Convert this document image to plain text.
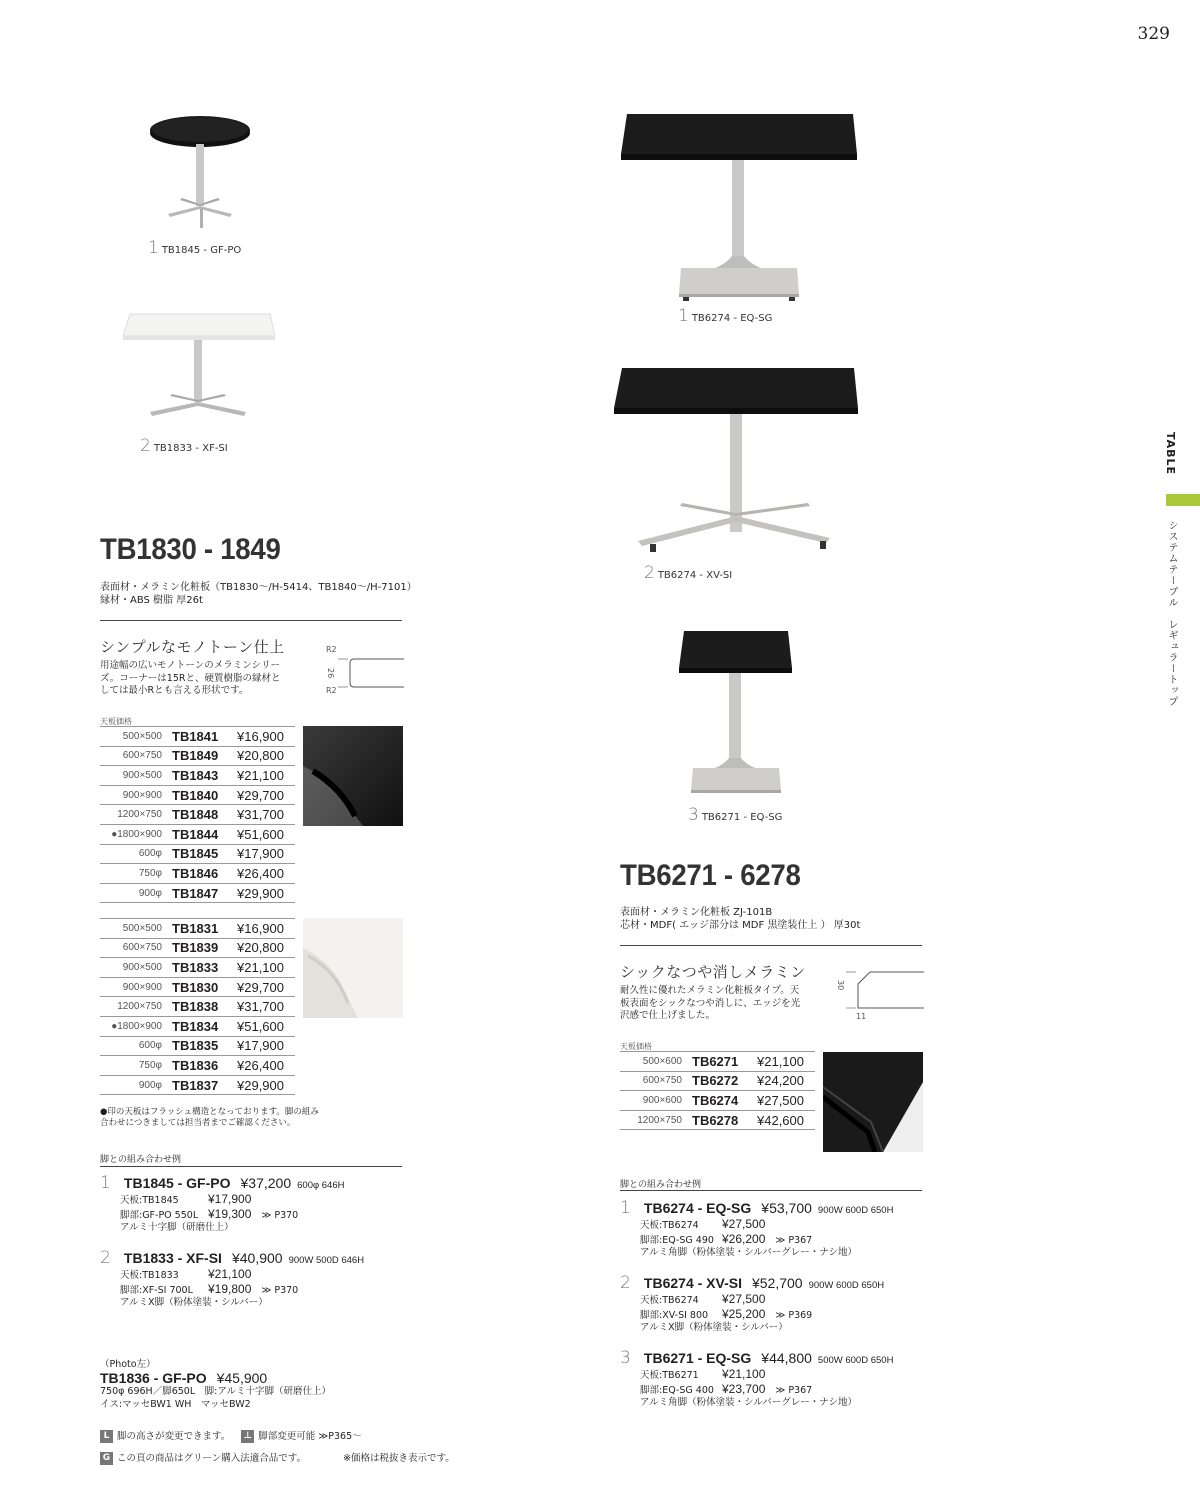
329
TABLE
システムテーブル　レギュラートップ
1 TB1845 - GF-PO
2 TB1833 - XF-SI
TB1830 - 1849
表面材・メラミン化粧板（TB1830〜/H-5414、TB1840〜/H-7101）
縁材・ABS 樹脂 厚26t
シンプルなモノトーン仕上
用途幅の広いモノトーンのメラミンシリー
ズ。コーナーは15Rと、硬質樹脂の縁材と
しては最小Rとも言える形状です。
R2
26
R2
天板価格
500×500	TB1841	¥16,900
600×750	TB1849	¥20,800
900×500	TB1843	¥21,100
900×900	TB1840	¥29,700
1200×750	TB1848	¥31,700
●1800×900	TB1844	¥51,600
600φ	TB1845	¥17,900
750φ	TB1846	¥26,400
900φ	TB1847	¥29,900
500×500	TB1831	¥16,900
600×750	TB1839	¥20,800
900×500	TB1833	¥21,100
900×900	TB1830	¥29,700
1200×750	TB1838	¥31,700
●1800×900	TB1834	¥51,600
600φ	TB1835	¥17,900
750φ	TB1836	¥26,400
900φ	TB1837	¥29,900
●印の天板はフラッシュ構造となっております。脚の組み
合わせにつきましては担当者までご確認ください。
脚との組み合わせ例
1 TB1845 - GF-PO ¥37,200 600φ 646H
天板:TB1845 ¥17,900
脚部:GF-PO 550L ¥19,300 ≫ P370
アルミ十字脚（研磨仕上）
2 TB1833 - XF-SI ¥40,900 900W 500D 646H
天板:TB1833 ¥21,100
脚部:XF-SI 700L ¥19,800 ≫ P370
アルミX脚（粉体塗装・シルバー）
（Photo左）
TB1836 - GF-PO ¥45,900
750φ 696H／脚650L　脚:アルミ十字脚（研磨仕上）
イス:マッセBW1 WH　マッセBW2
L 脚の高さが変更できます。 ⊥ 脚部変更可能 ≫P365〜
G この頁の商品はグリーン購入法適合品です。	※価格は税抜き表示です。
1 TB6274 - EQ-SG
2 TB6274 - XV-SI
3 TB6271 - EQ-SG
TB6271 - 6278
表面材・メラミン化粧板 ZJ-101B
芯材・MDF( エッジ部分は MDF 黒塗装仕上 ） 厚30t
シックなつや消しメラミン
耐久性に優れたメラミン化粧板タイプ。天
板表面をシックなつや消しに、エッジを光
沢感で仕上げました。
30
11
天板価格
500×600	TB6271	¥21,100
600×750	TB6272	¥24,200
900×600	TB6274	¥27,500
1200×750	TB6278	¥42,600
脚との組み合わせ例
1 TB6274 - EQ-SG ¥53,700 900W 600D 650H
天板:TB6274 ¥27,500
脚部:EQ-SG 490 ¥26,200 ≫ P367
アルミ角脚（粉体塗装・シルバーグレー・ナシ地）
2 TB6274 - XV-SI ¥52,700 900W 600D 650H
天板:TB6274 ¥27,500
脚部:XV-SI 800 ¥25,200 ≫ P369
アルミX脚（粉体塗装・シルバー）
3 TB6271 - EQ-SG ¥44,800 500W 600D 650H
天板:TB6271 ¥21,100
脚部:EQ-SG 400 ¥23,700 ≫ P367
アルミ角脚（粉体塗装・シルバーグレー・ナシ地）
